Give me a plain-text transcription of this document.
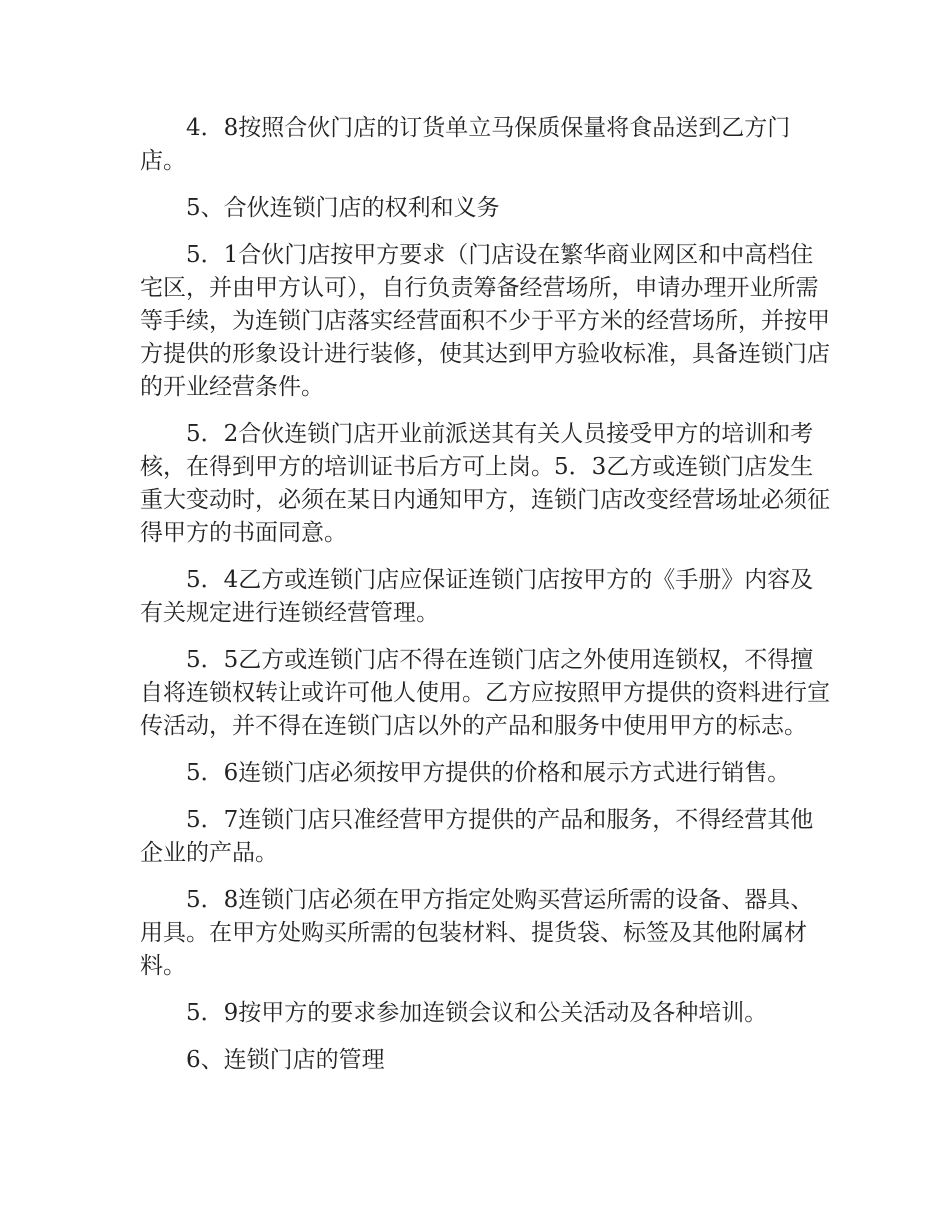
4．8按照合伙门店的订货单立马保质保量将食品送到乙方门店。

5、合伙连锁门店的权利和义务

5．1合伙门店按甲方要求（门店设在繁华商业网区和中高档住宅区，并由甲方认可），自行负责筹备经营场所，申请办理开业所需等手续，为连锁门店落实经营面积不少于平方米的经营场所，并按甲方提供的形象设计进行装修，使其达到甲方验收标准，具备连锁门店的开业经营条件。

5．2合伙连锁门店开业前派送其有关人员接受甲方的培训和考核，在得到甲方的培训证书后方可上岗。5．3乙方或连锁门店发生重大变动时，必须在某日内通知甲方，连锁门店改变经营场址必须征得甲方的书面同意。

5．4乙方或连锁门店应保证连锁门店按甲方的《手册》内容及有关规定进行连锁经营管理。

5．5乙方或连锁门店不得在连锁门店之外使用连锁权，不得擅自将连锁权转让或许可他人使用。乙方应按照甲方提供的资料进行宣传活动，并不得在连锁门店以外的产品和服务中使用甲方的标志。

5．6连锁门店必须按甲方提供的价格和展示方式进行销售。

5．7连锁门店只准经营甲方提供的产品和服务，不得经营其他企业的产品。

5．8连锁门店必须在甲方指定处购买营运所需的设备、器具、用具。在甲方处购买所需的包装材料、提货袋、标签及其他附属材料。

5．9按甲方的要求参加连锁会议和公关活动及各种培训。

6、连锁门店的管理
